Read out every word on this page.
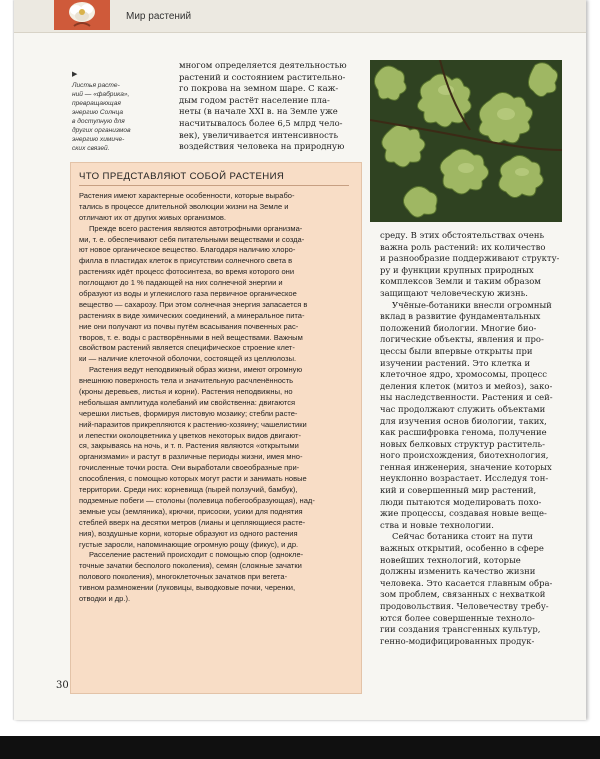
Мир растений
▶
Листья расте-
ний — «фабрика»,
превращающая
энергию Солнца
в доступную для
других организмов
энергию химиче-
ских связей.
многом определяется деятельностью
растений и состоянием растительно-
го покрова на земном шаре. С каж-
дым годом растёт население пла-
неты (в начале XXI в. на Земле уже
насчитывалось более 6,5 млрд чело-
век), увеличивается интенсивность
воздействия человека на природную
ЧТО ПРЕДСТАВЛЯЮТ СОБОЙ РАСТЕНИЯ
Растения имеют характерные особенности, которые вырабо-
тались в процессе длительной эволюции жизни на Земле и
отличают их от других живых организмов.
Прежде всего растения являются автотрофными организма-
ми, т. е. обеспечивают себя питательными веществами и созда-
ют новое органическое вещество. Благодаря наличию хлоро-
филла в пластидах клеток в присутствии солнечного света в
растениях идёт процесс фотосинтеза, во время которого они
поглощают до 1 % падающей на них солнечной энергии и
образуют из воды и углекислого газа первичное органическое
вещество — сахарозу. При этом солнечная энергия запасается в
растениях в виде химических соединений, а минеральное пита-
ние они получают из почвы путём всасывания почвенных рас-
творов, т. е. воды с растворёнными в ней веществами. Важным
свойством растений является специфическое строение клет-
ки — наличие клеточной оболочки, состоящей из целлюлозы.
Растения ведут неподвижный образ жизни, имеют огромную
внешнюю поверхность тела и значительную расчленённость
(кроны деревьев, листья и корни). Растения неподвижны, но
небольшая амплитуда колебаний им свойственна: двигаются
черешки листьев, формируя листовую мозаику; стебли расте-
ний-паразитов прикрепляются к растению-хозяину; чашелистики
и лепестки околоцветника у цветков некоторых видов двигают-
ся, закрываясь на ночь, и т. п. Растения являются «открытыми
организмами» и растут в различные периоды жизни, имея мно-
гочисленные точки роста. Они выработали своеобразные при-
способления, с помощью которых могут расти и занимать новые
территории. Среди них: корневища (пырей ползучий, бамбук),
подземные побеги — столоны (полевица побегообразующая), над-
земные усы (земляника), крючки, присоски, усики для поднятия
стеблей вверх на десятки метров (лианы и цепляющиеся расте-
ния), воздушные корни, которые образуют из одного растения
густые заросли, напоминающие огромную рощу (фикус), и др.
Расселение растений происходит с помощью спор (одноклe-
точные зачатки бесполого поколения), семян (сложные зачатки
полового поколения), многоклеточных зачатков при вегета-
тивном размножении (луковицы, выводковые почки, черенки,
отводки и др.).
среду. В этих обстоятельствах очень
важна роль растений: их количество
и разнообразие поддерживают структу-
ру и функции крупных природных
комплексов Земли и таким образом
защищают человеческую жизнь.
Учёные-ботаники внесли огромный
вклад в развитие фундаментальных
положений биологии. Многие био-
логические объекты, явления и про-
цессы были впервые открыты при
изучении растений. Это клетка и
клеточное ядро, хромосомы, процесс
деления клеток (митоз и мейоз), зако-
ны наследственности. Растения и сей-
час продолжают служить объектами
для изучения основ биологии, таких,
как расшифровка генома, получение
новых белковых структур раститель-
ного происхождения, биотехнология,
генная инженерия, значение которых
неуклонно возрастает. Исследуя тон-
кий и совершенный мир растений,
люди пытаются моделировать похо-
жие процессы, создавая новые веще-
ства и новые технологии.
Сейчас ботаника стоит на пути
важных открытий, особенно в сфере
новейших технологий, которые
должны изменить качество жизни
человека. Это касается главным обра-
зом проблем, связанных с нехваткой
продовольствия. Человечеству требу-
ются более совершенные техноло-
гии создания трансгенных культур,
генно-модифицированных продук-
30
